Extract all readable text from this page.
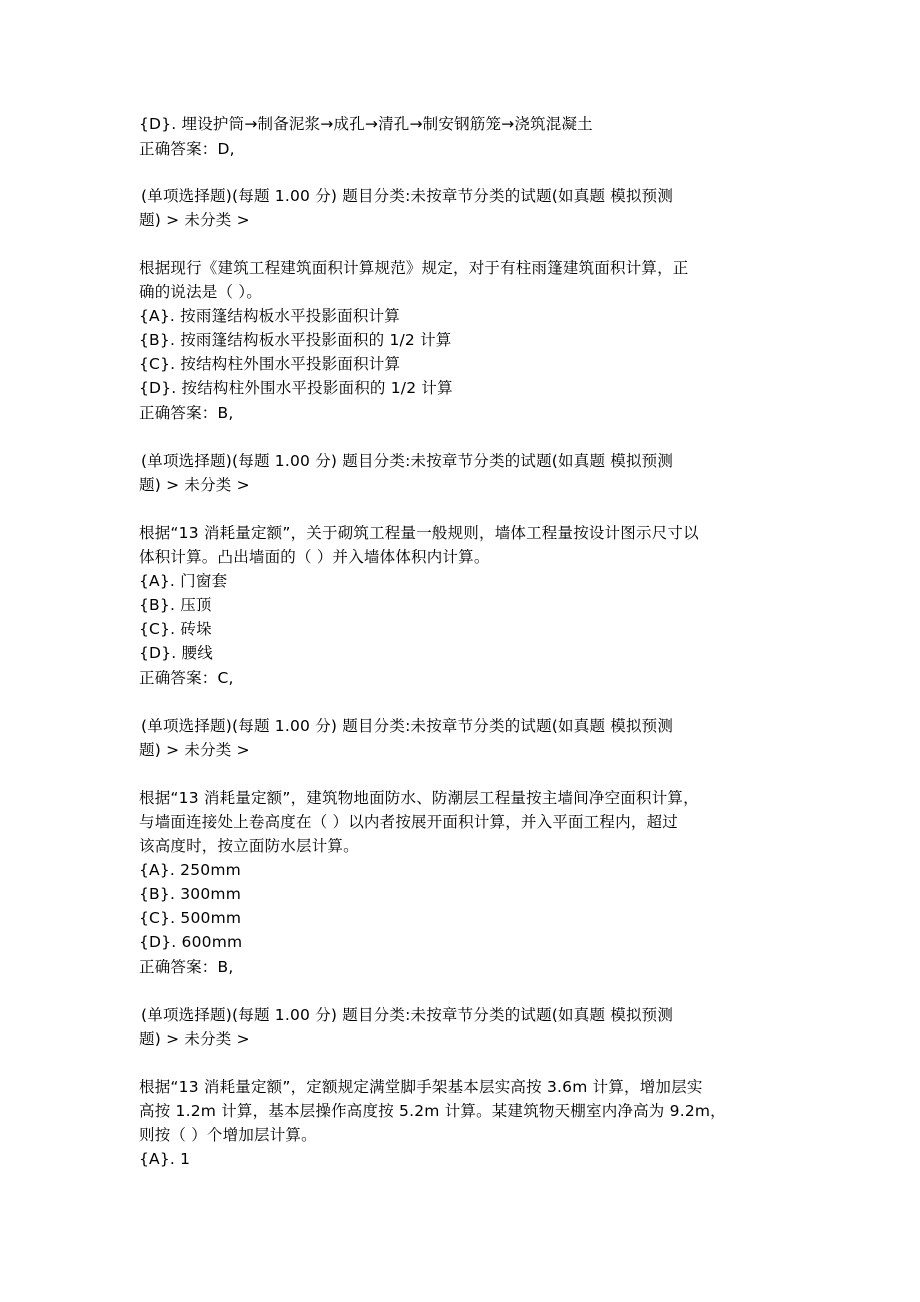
{D}. 埋设护筒→制备泥浆→成孔→清孔→制安钢筋笼→浇筑混凝土
正确答案：D,
(单项选择题)(每题 1.00 分) 题目分类:未按章节分类的试题(如真题 模拟预测
题) > 未分类 >
根据现行《建筑工程建筑面积计算规范》规定，对于有柱雨篷建筑面积计算，正
确的说法是（ ）。
{A}. 按雨篷结构板水平投影面积计算
{B}. 按雨篷结构板水平投影面积的 1/2 计算
{C}. 按结构柱外围水平投影面积计算
{D}. 按结构柱外围水平投影面积的 1/2 计算
正确答案：B,
(单项选择题)(每题 1.00 分) 题目分类:未按章节分类的试题(如真题 模拟预测
题) > 未分类 >
根据“13 消耗量定额”，关于砌筑工程量一般规则，墙体工程量按设计图示尺寸以
体积计算。凸出墙面的（ ）并入墙体体积内计算。
{A}. 门窗套
{B}. 压顶
{C}. 砖垛
{D}. 腰线
正确答案：C,
(单项选择题)(每题 1.00 分) 题目分类:未按章节分类的试题(如真题 模拟预测
题) > 未分类 >
根据“13 消耗量定额”，建筑物地面防水、防潮层工程量按主墙间净空面积计算，
与墙面连接处上卷高度在（ ）以内者按展开面积计算，并入平面工程内，超过
该高度时，按立面防水层计算。
{A}. 250mm
{B}. 300mm
{C}. 500mm
{D}. 600mm
正确答案：B,
(单项选择题)(每题 1.00 分) 题目分类:未按章节分类的试题(如真题 模拟预测
题) > 未分类 >
根据“13 消耗量定额”，定额规定满堂脚手架基本层实高按 3.6m 计算，增加层实
高按 1.2m 计算，基本层操作高度按 5.2m 计算。某建筑物天棚室内净高为 9.2m，
则按（ ）个增加层计算。
{A}. 1
